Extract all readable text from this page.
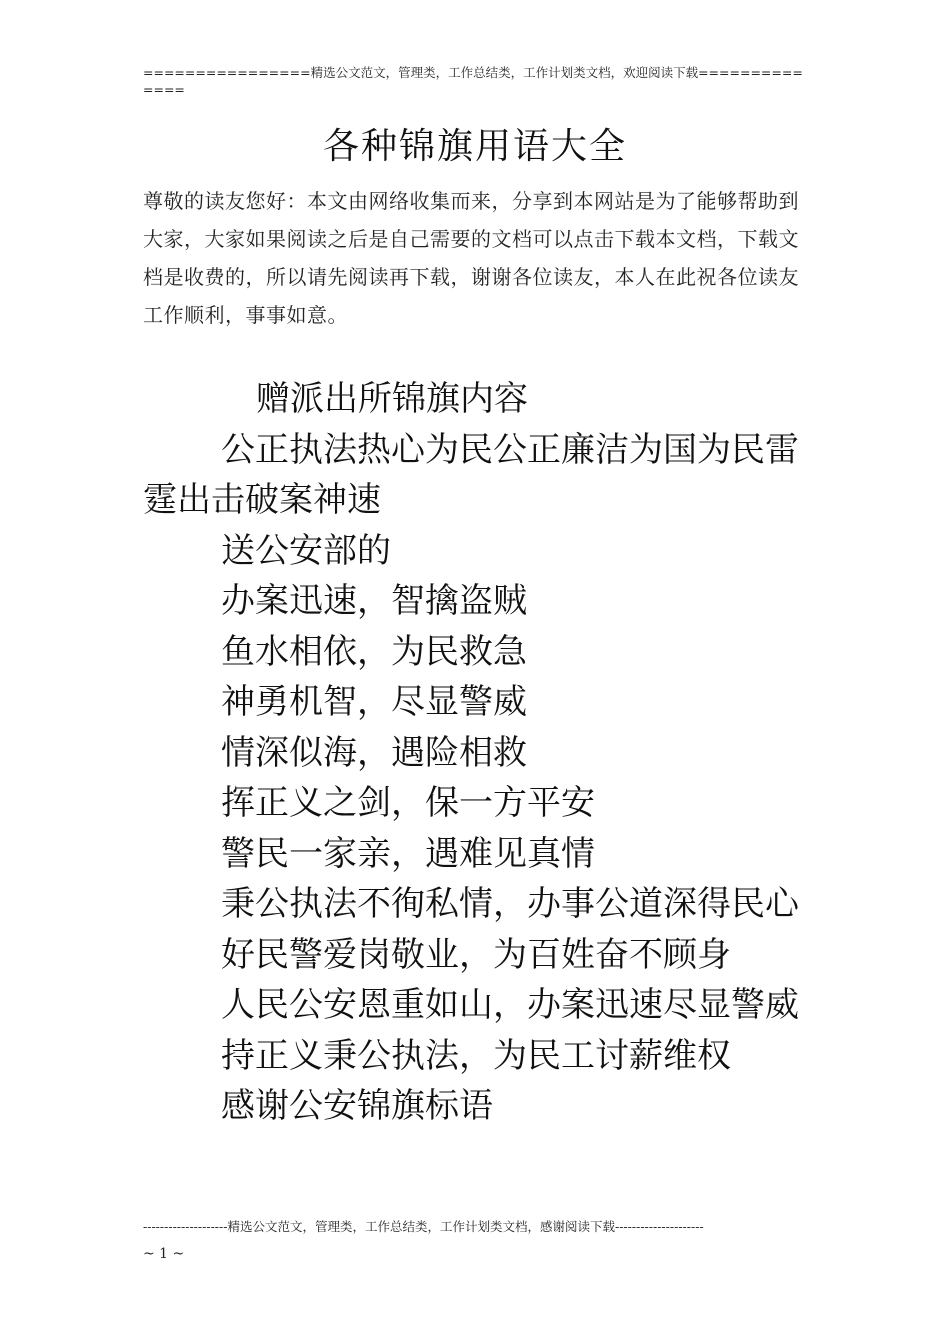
================精选公文范文，管理类，工作总结类，工作计划类文档，欢迎阅读下载==============
各种锦旗用语大全
尊敬的读友您好：本文由网络收集而来，分享到本网站是为了能够帮助到大家，大家如果阅读之后是自己需要的文档可以点击下载本文档，下载文档是收费的，所以请先阅读再下载，谢谢各位读友，本人在此祝各位读友工作顺利，事事如意。

赠派出所锦旗内容

公正执法热心为民公正廉洁为国为民雷霆出击破案神速

送公安部的

办案迅速，智擒盗贼

鱼水相依，为民救急

神勇机智，尽显警威

情深似海，遇险相救

挥正义之剑，保一方平安

警民一家亲，遇难见真情

秉公执法不徇私情，办事公道深得民心

好民警爱岗敬业，为百姓奋不顾身

人民公安恩重如山，办案迅速尽显警威

持正义秉公执法，为民工讨薪维权

感谢公安锦旗标语

--------------------精选公文范文，管理类，工作总结类，工作计划类文档，感谢阅读下载---------------------
~ 1 ~
